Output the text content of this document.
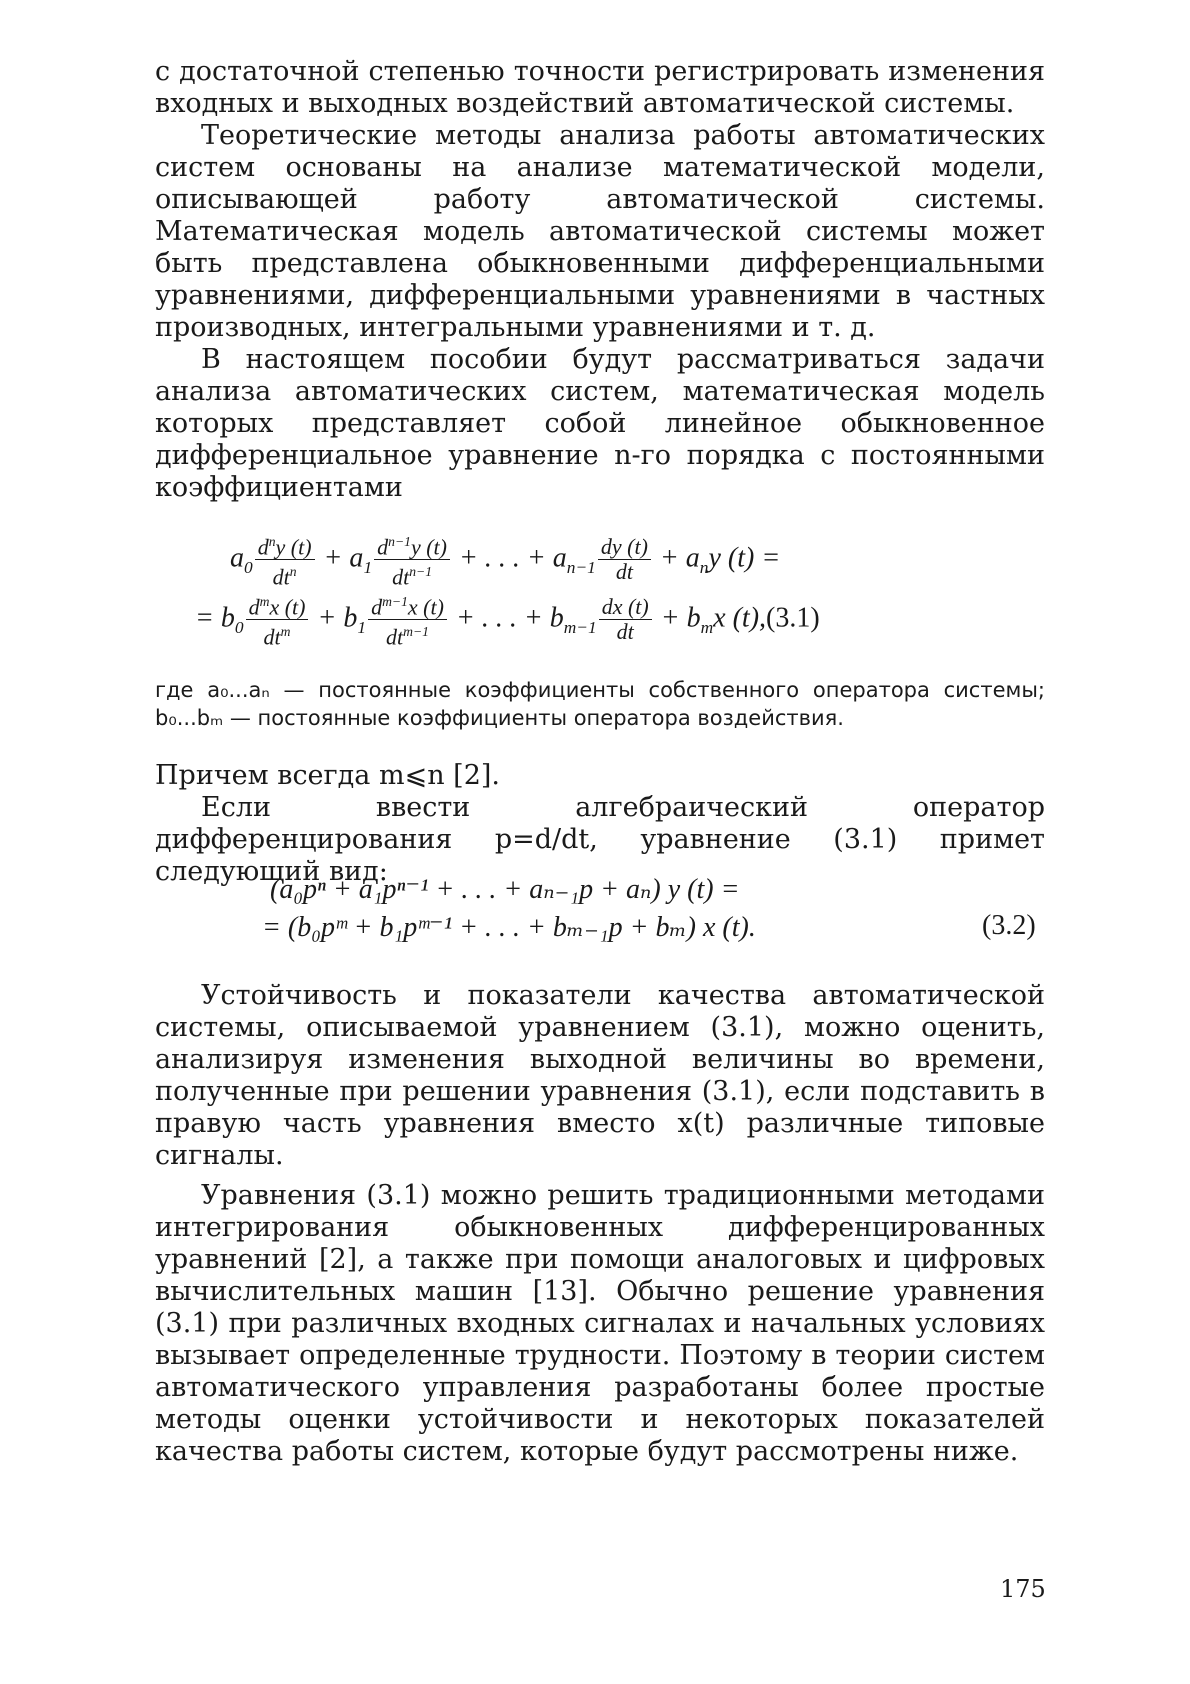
с достаточной степенью точности регистрировать изменения входных и выходных воздействий автоматической системы.

Теоретические методы анализа работы автоматических систем основаны на анализе математической модели, описывающей работу автоматической системы. Математическая модель автоматической системы может быть представлена обыкновенными дифференциальными уравнениями, дифференциальными уравнениями в частных производных, интегральными уравнениями и т. д.

В настоящем пособии будут рассматриваться задачи анализа автоматических систем, математическая модель которых представляет собой линейное обыкновенное дифференциальное уравнение n-го порядка с постоянными коэффициентами

$a_0 \frac{d^ny (t)}{dt^n} + a_1 \frac{d^{n-1}y (t)}{dt^{n-1}}$ + . . . + $a_{n-1} \frac{dy (t)}{dt} + a_ny$ (t) =
= $b_0 \frac{d^mx (t)}{dt^m} + b_1 \frac{d^{m-1}x (t)}{dt^{m-1}}$ + . . . + $b_{m-1} \frac{dx (t)}{dt} + b_mx$ (t),(3.1)
где a₀...aₙ — постоянные коэффициенты собственного оператора системы; b₀...bₘ — постоянные коэффициенты оператора воздействия.

Причем всегда m⩽n [2].

Если ввести алгебраический оператор дифференцирования p=d/dt, уравнение (3.1) примет следующий вид:

(a₀pⁿ + a₁pⁿ⁻¹ + . . . + aₙ₋₁p + aₙ) y (t) =
= (b₀pᵐ + b₁pᵐ⁻¹ + . . . + bₘ₋₁p + bₘ) x (t).	(3.2)

Устойчивость и показатели качества автоматической системы, описываемой уравнением (3.1), можно оценить, анализируя изменения выходной величины во времени, полученные при решении уравнения (3.1), если подставить в правую часть уравнения вместо x(t) различные типовые сигналы.

Уравнения (3.1) можно решить традиционными методами интегрирования обыкновенных дифференцированных уравнений [2], а также при помощи аналоговых и цифровых вычислительных машин [13]. Обычно решение уравнения (3.1) при различных входных сигналах и начальных условиях вызывает определенные трудности. Поэтому в теории систем автоматического управления разработаны более простые методы оценки устойчивости и некоторых показателей качества работы систем, которые будут рассмотрены ниже.

175
